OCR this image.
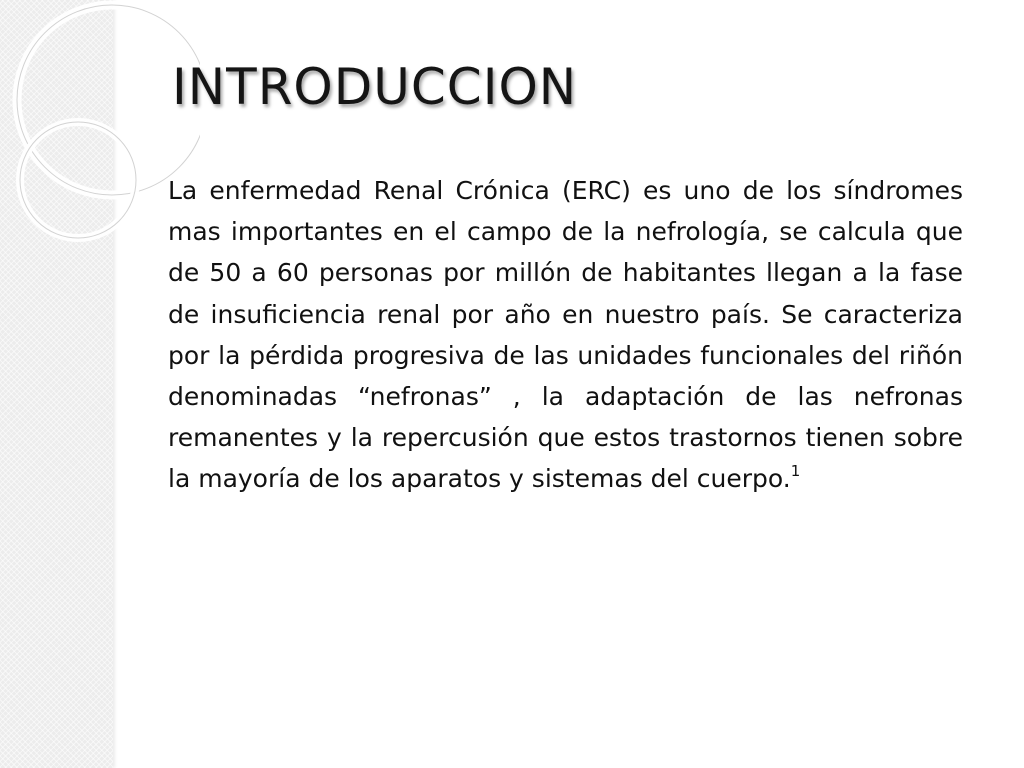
INTRODUCCION

La enfermedad Renal Crónica (ERC) es uno de los síndromes mas importantes en el campo de la nefrología, se calcula que de 50 a 60 personas por millón de habitantes llegan a la fase de insuficiencia renal por año en nuestro país. Se caracteriza por la pérdida progresiva de las unidades funcionales del riñón denominadas “nefronas” , la adaptación de las nefronas remanentes y la repercusión que estos trastornos tienen sobre la mayoría de los aparatos y sistemas del cuerpo.$^1$
